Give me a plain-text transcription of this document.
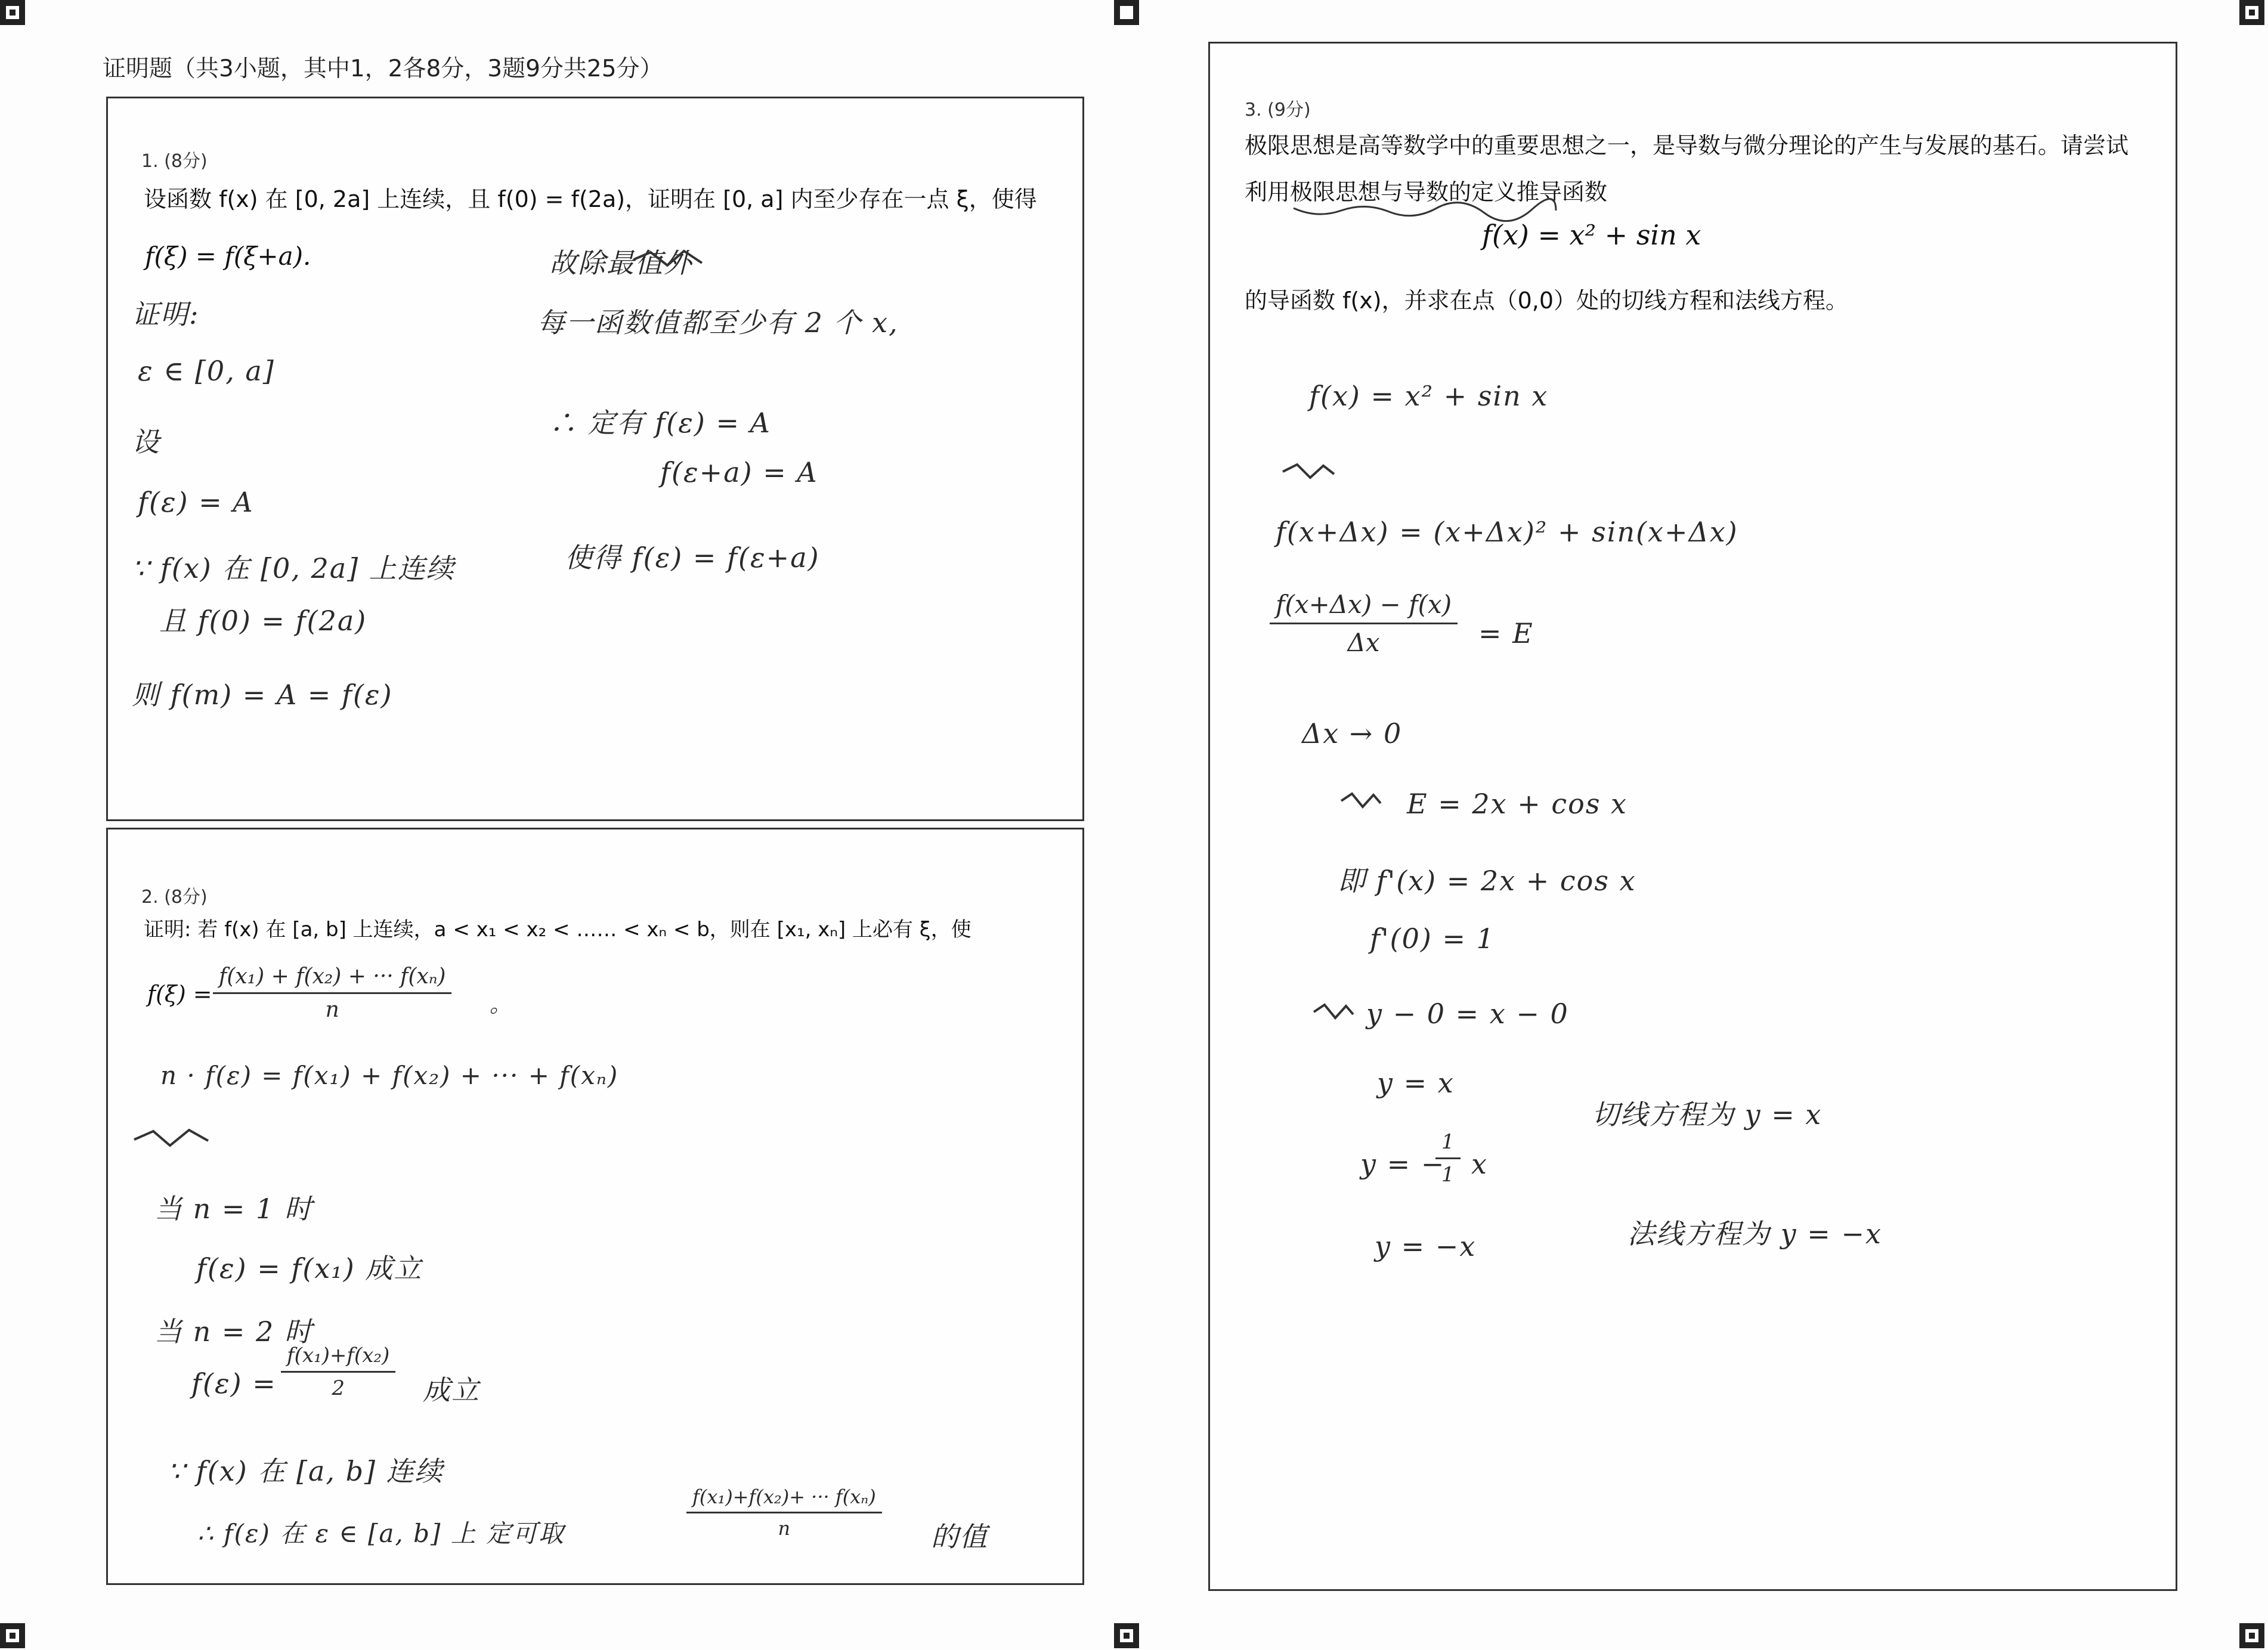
证明题（共3小题，其中1，2各8分，3题9分共25分）
1. (8分)
设函数 f(x) 在 [0, 2a] 上连续，且 f(0) = f(2a)，证明在 [0, a] 内至少存在一点 ξ，使得
f(ξ) = f(ξ+a).
证明:
ε ∈ [0, a]
设
f(ε) = A
∵ f(x) 在 [0, 2a] 上连续
且 f(0) = f(2a)
则 f(m) = A = f(ε)
故除最值外
每一函数值都至少有 2 个 x,
∴ 定有 f(ε) = A
f(ε+a) = A
使得 f(ε) = f(ε+a)
2. (8分)
证明: 若 f(x) 在 [a, b] 上连续，a < x₁ < x₂ < …… < xₙ < b，则在 [x₁, xₙ] 上必有 ξ，使
$f(\xi) = \frac{\text{f(x₁) + f(x₂) + ··· f(xₙ)}}{n}$ 。
n · f(ε) = f(x₁) + f(x₂) + ··· + f(xₙ)
当 n = 1 时
f(ε) = f(x₁) 成立
当 n = 2 时
$f(\varepsilon) = \frac{\text{f(x₁)+f(x₂)}}{2}$ 成立
∵ f(x) 在 [a, b] 连续
∴ f(ε) 在 ε ∈ [a, b] 上 定可取	$\frac{\text{f(x₁)+f(x₂)+ ··· f(xₙ)}}{n}$ 的值
3. (9分)
极限思想是高等数学中的重要思想之一，是导数与微分理论的产生与发展的基石。请尝试
利用极限思想与导数的定义推导函数
f(x) = x² + sin x
的导函数 f(x)，并求在点（0,0）处的切线方程和法线方程。
f(x) = x² + sin x
f(x+Δx) = (x+Δx)² + sin(x+Δx)
$\frac{f(x+\Delta x) - f(x)}{\Delta x} = E$
Δx → 0
E = 2x + cos x
即 f'(x) = 2x + cos x
f'(0) = 1
y − 0 = x − 0
y = x
y = −
$\frac{1}{1}$ x
y = −x
切线方程为 y = x
法线方程为 y = −x
